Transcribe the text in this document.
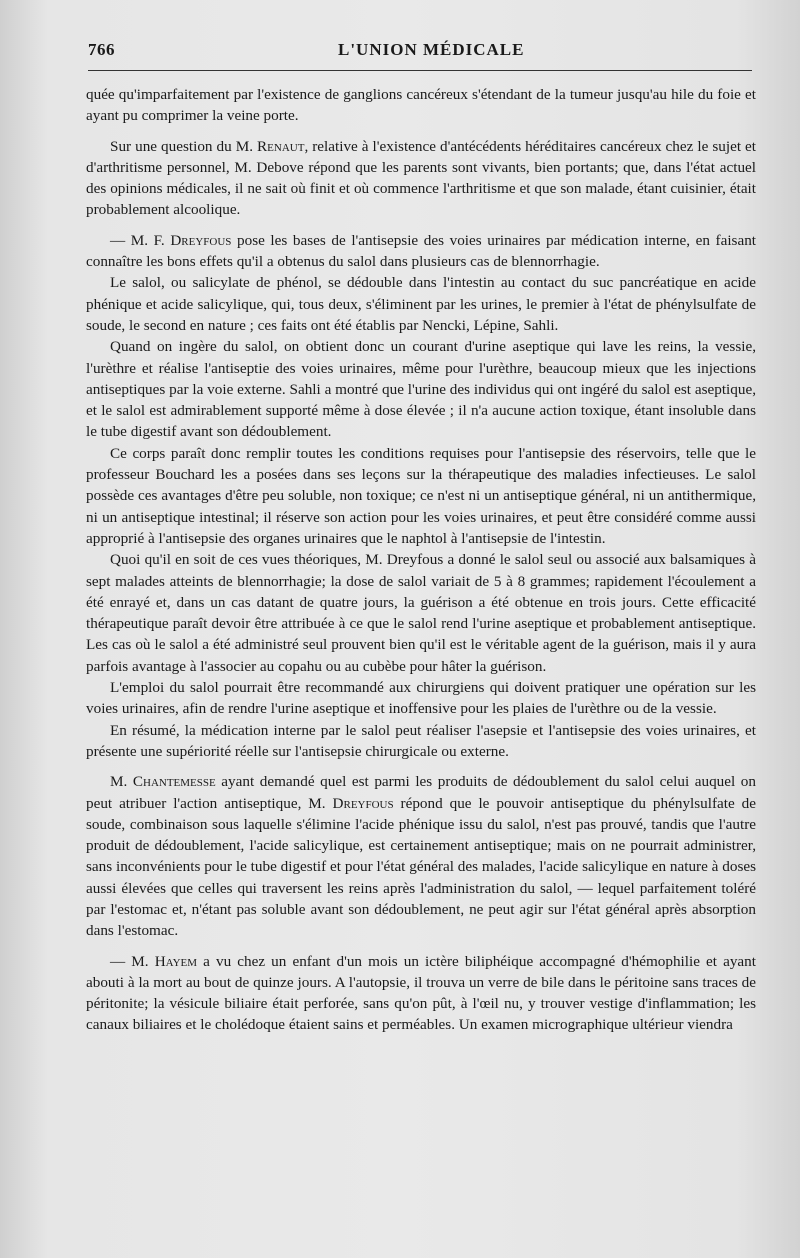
766	L'UNION MÉDICALE

quée qu'imparfaitement par l'existence de ganglions cancéreux s'étendant de la tumeur jusqu'au hile du foie et ayant pu comprimer la veine porte.

Sur une question du M. Renaut, relative à l'existence d'antécédents héréditaires cancéreux chez le sujet et d'arthritisme personnel, M. Debove répond que les parents sont vivants, bien portants; que, dans l'état actuel des opinions médicales, il ne sait où finit et où commence l'arthritisme et que son malade, étant cuisinier, était probablement alcoolique.

— M. F. Dreyfous pose les bases de l'antisepsie des voies urinaires par médication interne, en faisant connaître les bons effets qu'il a obtenus du salol dans plusieurs cas de blennorrhagie.

Le salol, ou salicylate de phénol, se dédouble dans l'intestin au contact du suc pancréatique en acide phénique et acide salicylique, qui, tous deux, s'éliminent par les urines, le premier à l'état de phénylsulfate de soude, le second en nature ; ces faits ont été établis par Nencki, Lépine, Sahli.

Quand on ingère du salol, on obtient donc un courant d'urine aseptique qui lave les reins, la vessie, l'urèthre et réalise l'antiseptie des voies urinaires, même pour l'urèthre, beaucoup mieux que les injections antiseptiques par la voie externe. Sahli a montré que l'urine des individus qui ont ingéré du salol est aseptique, et le salol est admirablement supporté même à dose élevée ; il n'a aucune action toxique, étant insoluble dans le tube digestif avant son dédoublement.

Ce corps paraît donc remplir toutes les conditions requises pour l'antisepsie des réservoirs, telle que le professeur Bouchard les a posées dans ses leçons sur la thérapeutique des maladies infectieuses. Le salol possède ces avantages d'être peu soluble, non toxique; ce n'est ni un antiseptique général, ni un antithermique, ni un antiseptique intestinal; il réserve son action pour les voies urinaires, et peut être considéré comme aussi approprié à l'antisepsie des organes urinaires que le naphtol à l'antisepsie de l'intestin.

Quoi qu'il en soit de ces vues théoriques, M. Dreyfous a donné le salol seul ou associé aux balsamiques à sept malades atteints de blennorrhagie; la dose de salol variait de 5 à 8 grammes; rapidement l'écoulement a été enrayé et, dans un cas datant de quatre jours, la guérison a été obtenue en trois jours. Cette efficacité thérapeutique paraît devoir être attribuée à ce que le salol rend l'urine aseptique et probablement antiseptique. Les cas où le salol a été administré seul prouvent bien qu'il est le véritable agent de la guérison, mais il y aura parfois avantage à l'associer au copahu ou au cubèbe pour hâter la guérison.

L'emploi du salol pourrait être recommandé aux chirurgiens qui doivent pratiquer une opération sur les voies urinaires, afin de rendre l'urine aseptique et inoffensive pour les plaies de l'urèthre ou de la vessie.

En résumé, la médication interne par le salol peut réaliser l'asepsie et l'antisepsie des voies urinaires, et présente une supériorité réelle sur l'antisepsie chirurgicale ou externe.

M. Chantemesse ayant demandé quel est parmi les produits de dédoublement du salol celui auquel on peut atribuer l'action antiseptique, M. Dreyfous répond que le pouvoir antiseptique du phénylsulfate de soude, combinaison sous laquelle s'élimine l'acide phénique issu du salol, n'est pas prouvé, tandis que l'autre produit de dédoublement, l'acide salicylique, est certainement antiseptique; mais on ne pourrait administrer, sans inconvénients pour le tube digestif et pour l'état général des malades, l'acide salicylique en nature à doses aussi élevées que celles qui traversent les reins après l'administration du salol, — lequel parfaitement toléré par l'estomac et, n'étant pas soluble avant son dédoublement, ne peut agir sur l'état général après absorption dans l'estomac.

— M. Hayem a vu chez un enfant d'un mois un ictère biliphéique accompagné d'hémophilie et ayant abouti à la mort au bout de quinze jours. A l'autopsie, il trouva un verre de bile dans le péritoine sans traces de péritonite; la vésicule biliaire était perforée, sans qu'on pût, à l'œil nu, y trouver vestige d'inflammation; les canaux biliaires et le cholédoque étaient sains et perméables. Un examen micrographique ultérieur viendra
